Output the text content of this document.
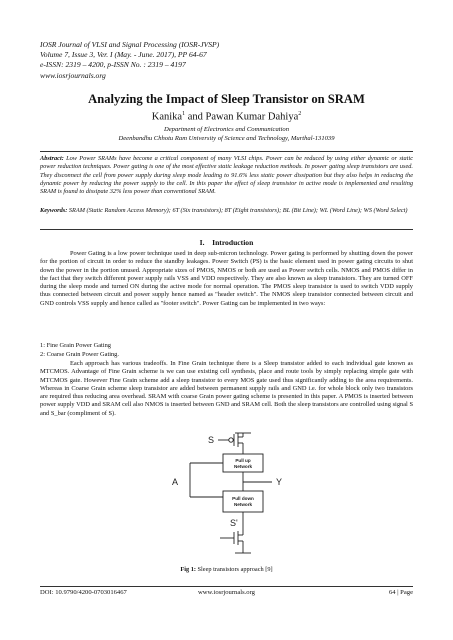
IOSR Journal of VLSI and Signal Processing (IOSR-JVSP)
Volume 7, Issue 3, Ver. I (May. - June. 2017), PP 64-67
e-ISSN: 2319 – 4200, p-ISSN No. : 2319 – 4197
www.iosrjournals.org
Analyzing the Impact of Sleep Transistor on SRAM
Kanika$^1$ and Pawan Kumar Dahiya$^2$
Department of Electronics and Communication
Deenbandhu Chhotu Ram University of Science and Technology, Murthal-131039
Abstract: Low Power SRAMs have become a critical component of many VLSI chips. Power can be reduced by using either dynamic or static power reduction techniques. Power gating is one of the most effective static leakage reduction methods. In power gating sleep transistors are used. They disconnect the cell from power supply during sleep mode leading to 91.6% less static power dissipation but they also helps in reducing the dynamic power by reducing the power supply to the cell. In this paper the effect of sleep transistor in active mode is implemented and resulting SRAM is found to dissipate 32% less power than conventional SRAM.
Keywords: SRAM (Static Random Access Memory); 6T (Six transistors); 8T (Eight transistors); BL (Bit Line); WL (Word Line); WS (Word Select)
I. Introduction
Power Gating is a low power technique used in deep sub-micron technology. Power gating is performed by shutting down the power for the portion of circuit in order to reduce the standby leakages. Power Switch (PS) is the basic element used in power gating circuits to shut down the power in the portion unused. Appropriate sizes of PMOS, NMOS or both are used as Power switch cells. NMOS and PMOS differ in the fact that they switch different power supply rails VSS and VDD respectively. They are also known as sleep transistors. They are turned OFF during the sleep mode and turned ON during the active mode for normal operation. The PMOS sleep transistor is used to switch VDD supply thus connected between circuit and power supply hence named as "header switch". The NMOS sleep transistor connected between circuit and GND controls VSS supply and hence called as "footer switch". Power Gating can be implemented in two ways:
1: Fine Grain Power Gating
2: Coarse Grain Power Gating.
Each approach has various tradeoffs. In Fine Grain technique there is a Sleep transistor added to each individual gate known as MTCMOS. Advantage of Fine Grain scheme is we can use existing cell synthesis, place and route tools by simply replacing simple gate with MTCMOS gate. However Fine Grain scheme add a sleep transistor to every MOS gate used thus significantly adding to the area requirements. Whereas in Coarse Grain scheme sleep transistor are added between permanent supply rails and GND i.e. for whole block only two transistors are required thus reducing area overhead. SRAM with coarse Grain power gating scheme is presented in this paper. A PMOS is inserted between power supply VDD and SRAM cell also NMOS is inserted between GND and SRAM cell. Both the sleep transistors are controlled using signal S and S_bar (compliment of S).
S
S'
A	Y
Pull up
Network
Pull down
Network
Fig 1: Sleep transistors approach [9]
DOI: 10.9790/4200-0703016467	www.iosrjournals.org	64 | Page
